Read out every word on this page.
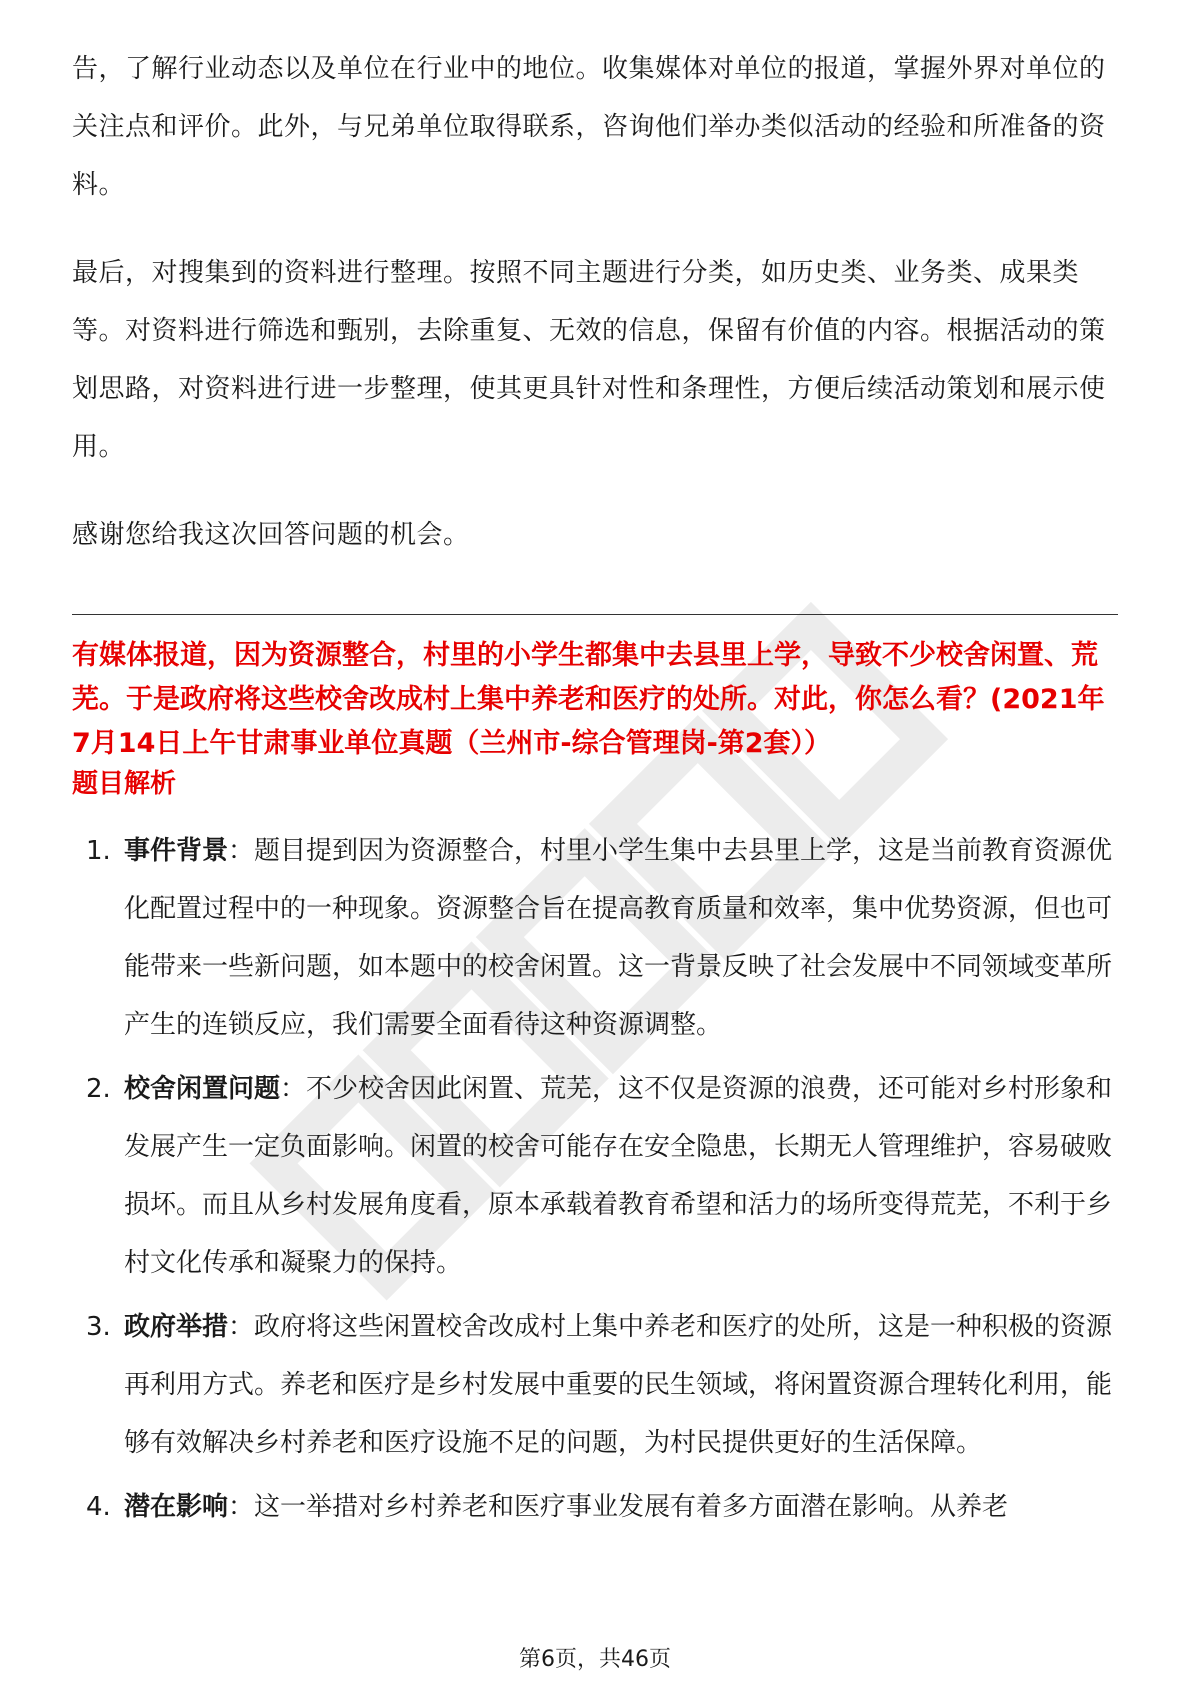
告，了解行业动态以及单位在行业中的地位。收集媒体对单位的报道，掌握外界对单位的关注点和评价。此外，与兄弟单位取得联系，咨询他们举办类似活动的经验和所准备的资料。

最后，对搜集到的资料进行整理。按照不同主题进行分类，如历史类、业务类、成果类等。对资料进行筛选和甄别，去除重复、无效的信息，保留有价值的内容。根据活动的策划思路，对资料进行进一步整理，使其更具针对性和条理性，方便后续活动策划和展示使用。

感谢您给我这次回答问题的机会。

有媒体报道，因为资源整合，村里的小学生都集中去县里上学，导致不少校舍闲置、荒芜。于是政府将这些校舍改成村上集中养老和医疗的处所。对此，你怎么看？(2021年7月14日上午甘肃事业单位真题（兰州市-综合管理岗-第2套））

题目解析

1. 事件背景：题目提到因为资源整合，村里小学生集中去县里上学，这是当前教育资源优化配置过程中的一种现象。资源整合旨在提高教育质量和效率，集中优势资源，但也可能带来一些新问题，如本题中的校舍闲置。这一背景反映了社会发展中不同领域变革所产生的连锁反应，我们需要全面看待这种资源调整。
2. 校舍闲置问题：不少校舍因此闲置、荒芜，这不仅是资源的浪费，还可能对乡村形象和发展产生一定负面影响。闲置的校舍可能存在安全隐患，长期无人管理维护，容易破败损坏。而且从乡村发展角度看，原本承载着教育希望和活力的场所变得荒芜，不利于乡村文化传承和凝聚力的保持。
3. 政府举措：政府将这些闲置校舍改成村上集中养老和医疗的处所，这是一种积极的资源再利用方式。养老和医疗是乡村发展中重要的民生领域，将闲置资源合理转化利用，能够有效解决乡村养老和医疗设施不足的问题，为村民提供更好的生活保障。
4. 潜在影响：这一举措对乡村养老和医疗事业发展有着多方面潜在影响。从养老
第6页，共46页
